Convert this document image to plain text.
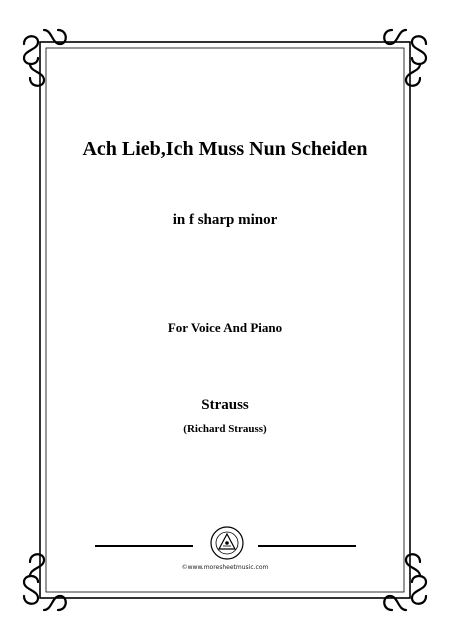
Ach Lieb,Ich Muss Nun Scheiden
in f sharp minor
For Voice And Piano
Strauss
(Richard Strauss)
©www.moresheetmusic.com
